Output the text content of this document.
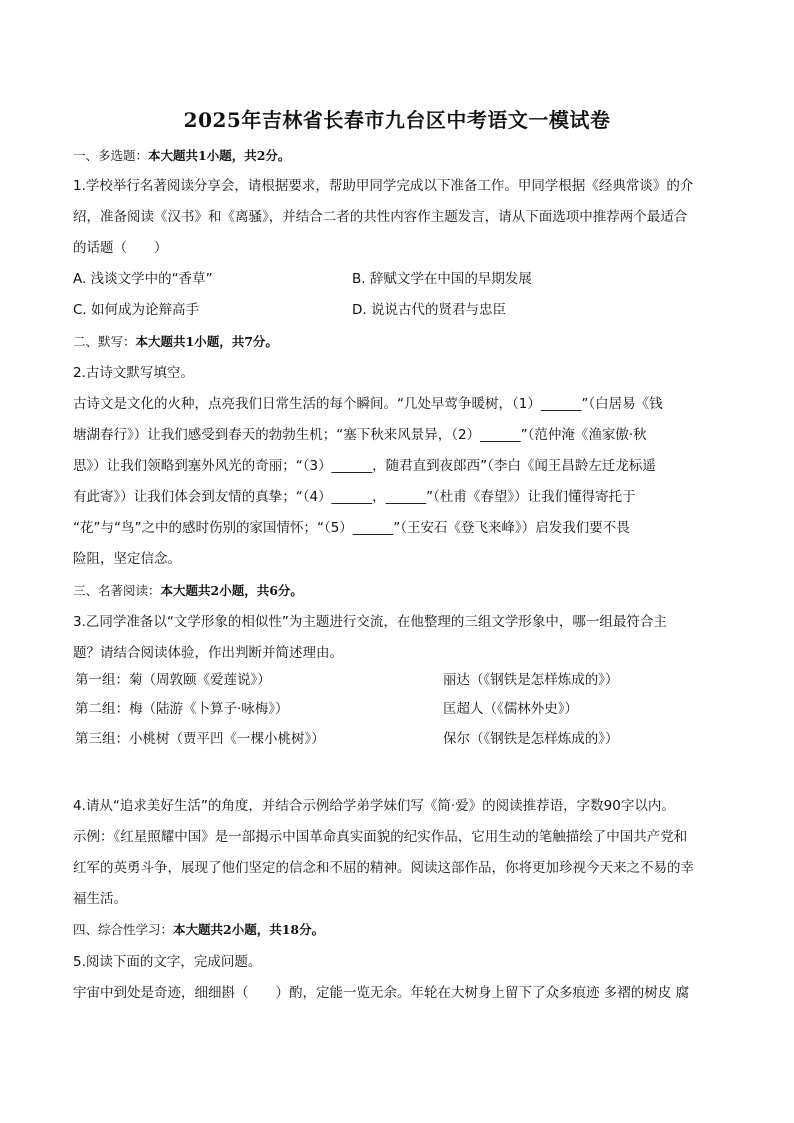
2025年吉林省长春市九台区中考语文一模试卷
一、多选题：本大题共1小题，共2分。
1.学校举行名著阅读分享会，请根据要求，帮助甲同学完成以下准备工作。甲同学根据《经典常谈》的介
绍，准备阅读《汉书》和《离骚》，并结合二者的共性内容作主题发言，请从下面选项中推荐两个最适合
的话题（　　）
A. 浅谈文学中的“香草”	B. 辞赋文学在中国的早期发展
C. 如何成为论辩高手	D. 说说古代的贤君与忠臣
二、默写：本大题共1小题，共7分。
2.古诗文默写填空。
古诗文是文化的火种，点亮我们日常生活的每个瞬间。“几处早莺争暖树，（1）______”（白居易《钱
塘湖春行》）让我们感受到春天的勃勃生机；“塞下秋来风景异，（2）______”（范仲淹《渔家傲·秋
思》）让我们领略到塞外风光的奇丽；“（3）______，随君直到夜郎西”（李白《闻王昌龄左迁龙标遥
有此寄》）让我们体会到友情的真挚；“（4）______，______”（杜甫《春望》）让我们懂得寄托于
“花”与“鸟”之中的感时伤别的家国情怀；“（5）______”（王安石《登飞来峰》）启发我们要不畏
险阻，坚定信念。
三、名著阅读：本大题共2小题，共6分。
3.乙同学准备以“文学形象的相似性”为主题进行交流，在他整理的三组文学形象中，哪一组最符合主
题？请结合阅读体验，作出判断并简述理由。
第一组：菊（周敦颐《爱莲说》）	丽达（《钢铁是怎样炼成的》）
第二组：梅（陆游《卜算子·咏梅》）	匡超人（《儒林外史》）
第三组：小桃树（贾平凹《一棵小桃树》）	保尔（《钢铁是怎样炼成的》）
4.请从“追求美好生活”的角度，并结合示例给学弟学妹们写《简·爱》的阅读推荐语，字数90字以内。
示例：《红星照耀中国》是一部揭示中国革命真实面貌的纪实作品，它用生动的笔触描绘了中国共产党和
红军的英勇斗争，展现了他们坚定的信念和不屈的精神。阅读这部作品，你将更加珍视今天来之不易的幸
福生活。
四、综合性学习：本大题共2小题，共18分。
5.阅读下面的文字，完成问题。
宇宙中到处是奇迹，细细斟（　　）酌，定能一览无余。年轮在大树身上留下了众多痕迹 多褶的树皮 腐
